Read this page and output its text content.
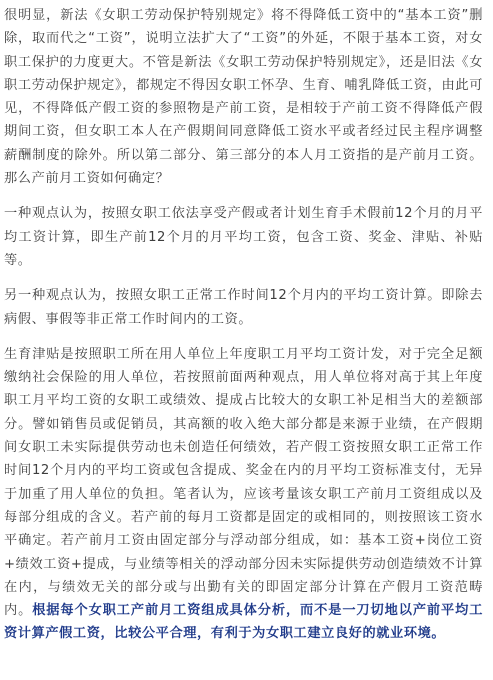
很明显，新法《女职工劳动保护特别规定》将不得降低工资中的“基本工资”删除，取而代之“工资”，说明立法扩大了“工资”的外延，不限于基本工资，对女职工保护的力度更大。不管是新法《女职工劳动保护特别规定》，还是旧法《女职工劳动保护规定》，都规定不得因女职工怀孕、生育、哺乳降低工资，由此可见，不得降低产假工资的参照物是产前工资，是相较于产前工资不得降低产假期间工资，但女职工本人在产假期间同意降低工资水平或者经过民主程序调整薪酬制度的除外。所以第二部分、第三部分的本人月工资指的是产前月工资。那么产前月工资如何确定？

一种观点认为，按照女职工依法享受产假或者计划生育手术假前12个月的月平均工资计算，即生产前12个月的月平均工资，包含工资、奖金、津贴、补贴等。

另一种观点认为，按照女职工正常工作时间12个月内的平均工资计算。即除去病假、事假等非正常工作时间内的工资。

生育津贴是按照职工所在用人单位上年度职工月平均工资计发，对于完全足额缴纳社会保险的用人单位，若按照前面两种观点，用人单位将对高于其上年度职工月平均工资的女职工或绩效、提成占比较大的女职工补足相当大的差额部分。譬如销售员或促销员，其高额的收入绝大部分都是来源于业绩，在产假期间女职工未实际提供劳动也未创造任何绩效，若产假工资按照女职工正常工作时间12个月内的平均工资或包含提成、奖金在内的月平均工资标准支付，无异于加重了用人单位的负担。笔者认为，应该考量该女职工产前月工资组成以及每部分组成的含义。若产前的每月工资都是固定的或相同的，则按照该工资水平确定。若产前月工资由固定部分与浮动部分组成，如：基本工资+岗位工资+绩效工资+提成，与业绩等相关的浮动部分因未实际提供劳动创造绩效不计算在内，与绩效无关的部分或与出勤有关的即固定部分计算在产假月工资范畴内。根据每个女职工产前月工资组成具体分析，而不是一刀切地以产前平均工资计算产假工资，比较公平合理，有利于为女职工建立良好的就业环境。
